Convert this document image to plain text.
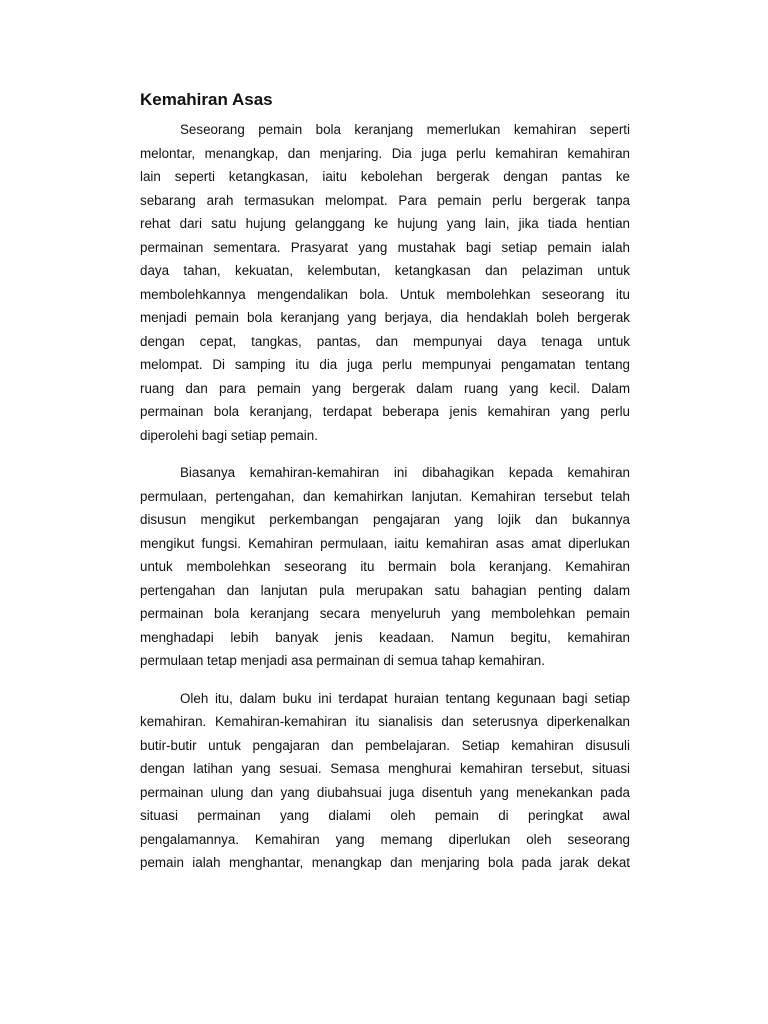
Kemahiran Asas
Seseorang pemain bola keranjang memerlukan kemahiran seperti
melontar, menangkap, dan menjaring. Dia juga perlu kemahiran kemahiran
lain seperti ketangkasan, iaitu kebolehan bergerak dengan pantas ke
sebarang arah termasukan melompat. Para pemain perlu bergerak tanpa
rehat dari satu hujung gelanggang ke hujung yang lain, jika tiada hentian
permainan sementara. Prasyarat yang mustahak bagi setiap pemain ialah
daya tahan, kekuatan, kelembutan, ketangkasan dan pelaziman untuk
membolehkannya mengendalikan bola. Untuk membolehkan seseorang itu
menjadi pemain bola keranjang yang berjaya, dia hendaklah boleh bergerak
dengan cepat, tangkas, pantas, dan mempunyai daya tenaga untuk
melompat. Di samping itu dia juga perlu mempunyai pengamatan tentang
ruang dan para pemain yang bergerak dalam ruang yang kecil. Dalam
permainan bola keranjang, terdapat beberapa jenis kemahiran yang perlu
diperolehi bagi setiap pemain.
Biasanya kemahiran-kemahiran ini dibahagikan kepada kemahiran
permulaan, pertengahan, dan kemahirkan lanjutan. Kemahiran tersebut telah
disusun mengikut perkembangan pengajaran yang lojik dan bukannya
mengikut fungsi. Kemahiran permulaan, iaitu kemahiran asas amat diperlukan
untuk membolehkan seseorang itu bermain bola keranjang. Kemahiran
pertengahan dan lanjutan pula merupakan satu bahagian penting dalam
permainan bola keranjang secara menyeluruh yang membolehkan pemain
menghadapi lebih banyak jenis keadaan. Namun begitu, kemahiran
permulaan tetap menjadi asa permainan di semua tahap kemahiran.
Oleh itu, dalam buku ini terdapat huraian tentang kegunaan bagi setiap
kemahiran. Kemahiran-kemahiran itu sianalisis dan seterusnya diperkenalkan
butir-butir untuk pengajaran dan pembelajaran. Setiap kemahiran disusuli
dengan latihan yang sesuai. Semasa menghurai kemahiran tersebut, situasi
permainan ulung dan yang diubahsuai juga disentuh yang menekankan pada
situasi permainan yang dialami oleh pemain di peringkat awal
pengalamannya. Kemahiran yang memang diperlukan oleh seseorang
pemain ialah menghantar, menangkap dan menjaring bola pada jarak dekat
